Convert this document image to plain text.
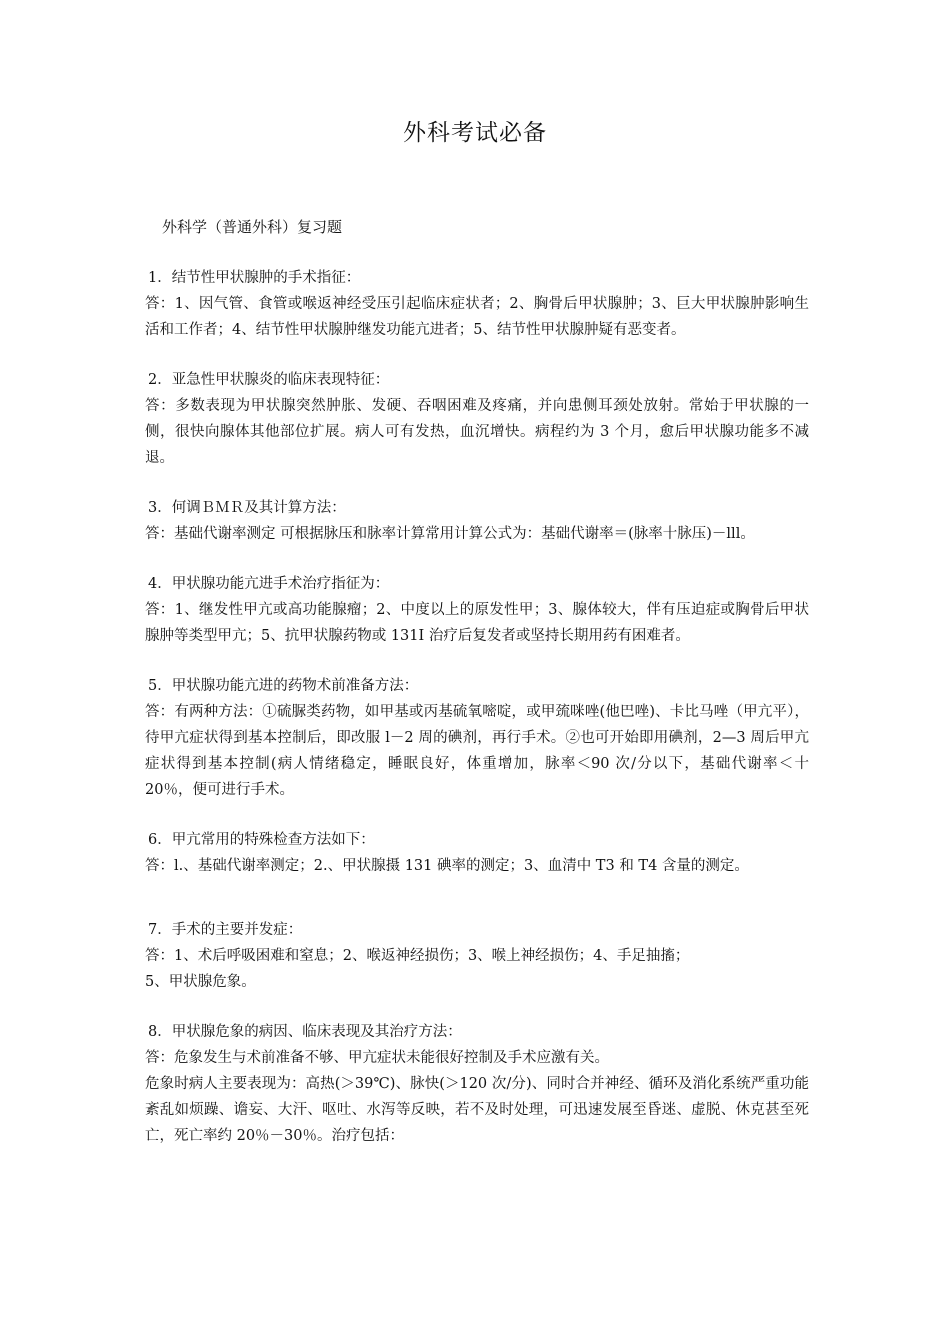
外科考试必备
外科学（普通外科）复习题
1．结节性甲状腺肿的手术指征：

答：1、因气管、食管或喉返神经受压引起临床症状者；2、胸骨后甲状腺肿；3、巨大甲状腺肿影响生活和工作者；4、结节性甲状腺肿继发功能亢进者；5、结节性甲状腺肿疑有恶变者。

2．亚急性甲状腺炎的临床表现特征：

答：多数表现为甲状腺突然肿胀、发硬、吞咽困难及疼痛，并向患侧耳颈处放射。常始于甲状腺的一侧，很快向腺体其他部位扩展。病人可有发热，血沉增快。病程约为 3 个月，愈后甲状腺功能多不减退。

3．何调ＢＭＲ及其计算方法：

答：基础代谢率测定 可根据脉压和脉率计算常用计算公式为：基础代谢率＝(脉率十脉压)－lll。

4．甲状腺功能亢进手术治疗指征为：

答：1、继发性甲亢或高功能腺瘤；2、中度以上的原发性甲；3、腺体较大，伴有压迫症或胸骨后甲状腺肿等类型甲亢；5、抗甲状腺药物或 131I 治疗后复发者或坚持长期用药有困难者。

5．甲状腺功能亢进的药物术前准备方法：

答：有两种方法：①硫脲类药物，如甲基或丙基硫氧嘧啶，或甲巯咪唑(他巴唑)、卡比马唑（甲亢平），待甲亢症状得到基本控制后，即改服 l－2 周的碘剂，再行手术。②也可开始即用碘剂，2—3 周后甲亢症状得到基本控制(病人情绪稳定，睡眠良好，体重增加，脉率＜90 次/分以下，基础代谢率＜十 20％，便可进行手术。

6．甲亢常用的特殊检查方法如下：

答：l.、基础代谢率测定；2.、甲状腺摄 131 碘率的测定；3、血清中 T3 和 T4 含量的测定。

7．手术的主要并发症：

答：1、术后呼吸困难和窒息；2、喉返神经损伤；3、喉上神经损伤；4、手足抽搐；

5、甲状腺危象。

8．甲状腺危象的病因、临床表现及其治疗方法：

答：危象发生与术前准备不够、甲亢症状未能很好控制及手术应激有关。

危象时病人主要表现为：高热(＞39℃)、脉快(＞120 次/分)、同时合并神经、循环及消化系统严重功能紊乱如烦躁、谵妄、大汗、呕吐、水泻等反映，若不及时处理，可迅速发展至昏迷、虚脱、休克甚至死亡，死亡率约 20％－30％。治疗包括：
